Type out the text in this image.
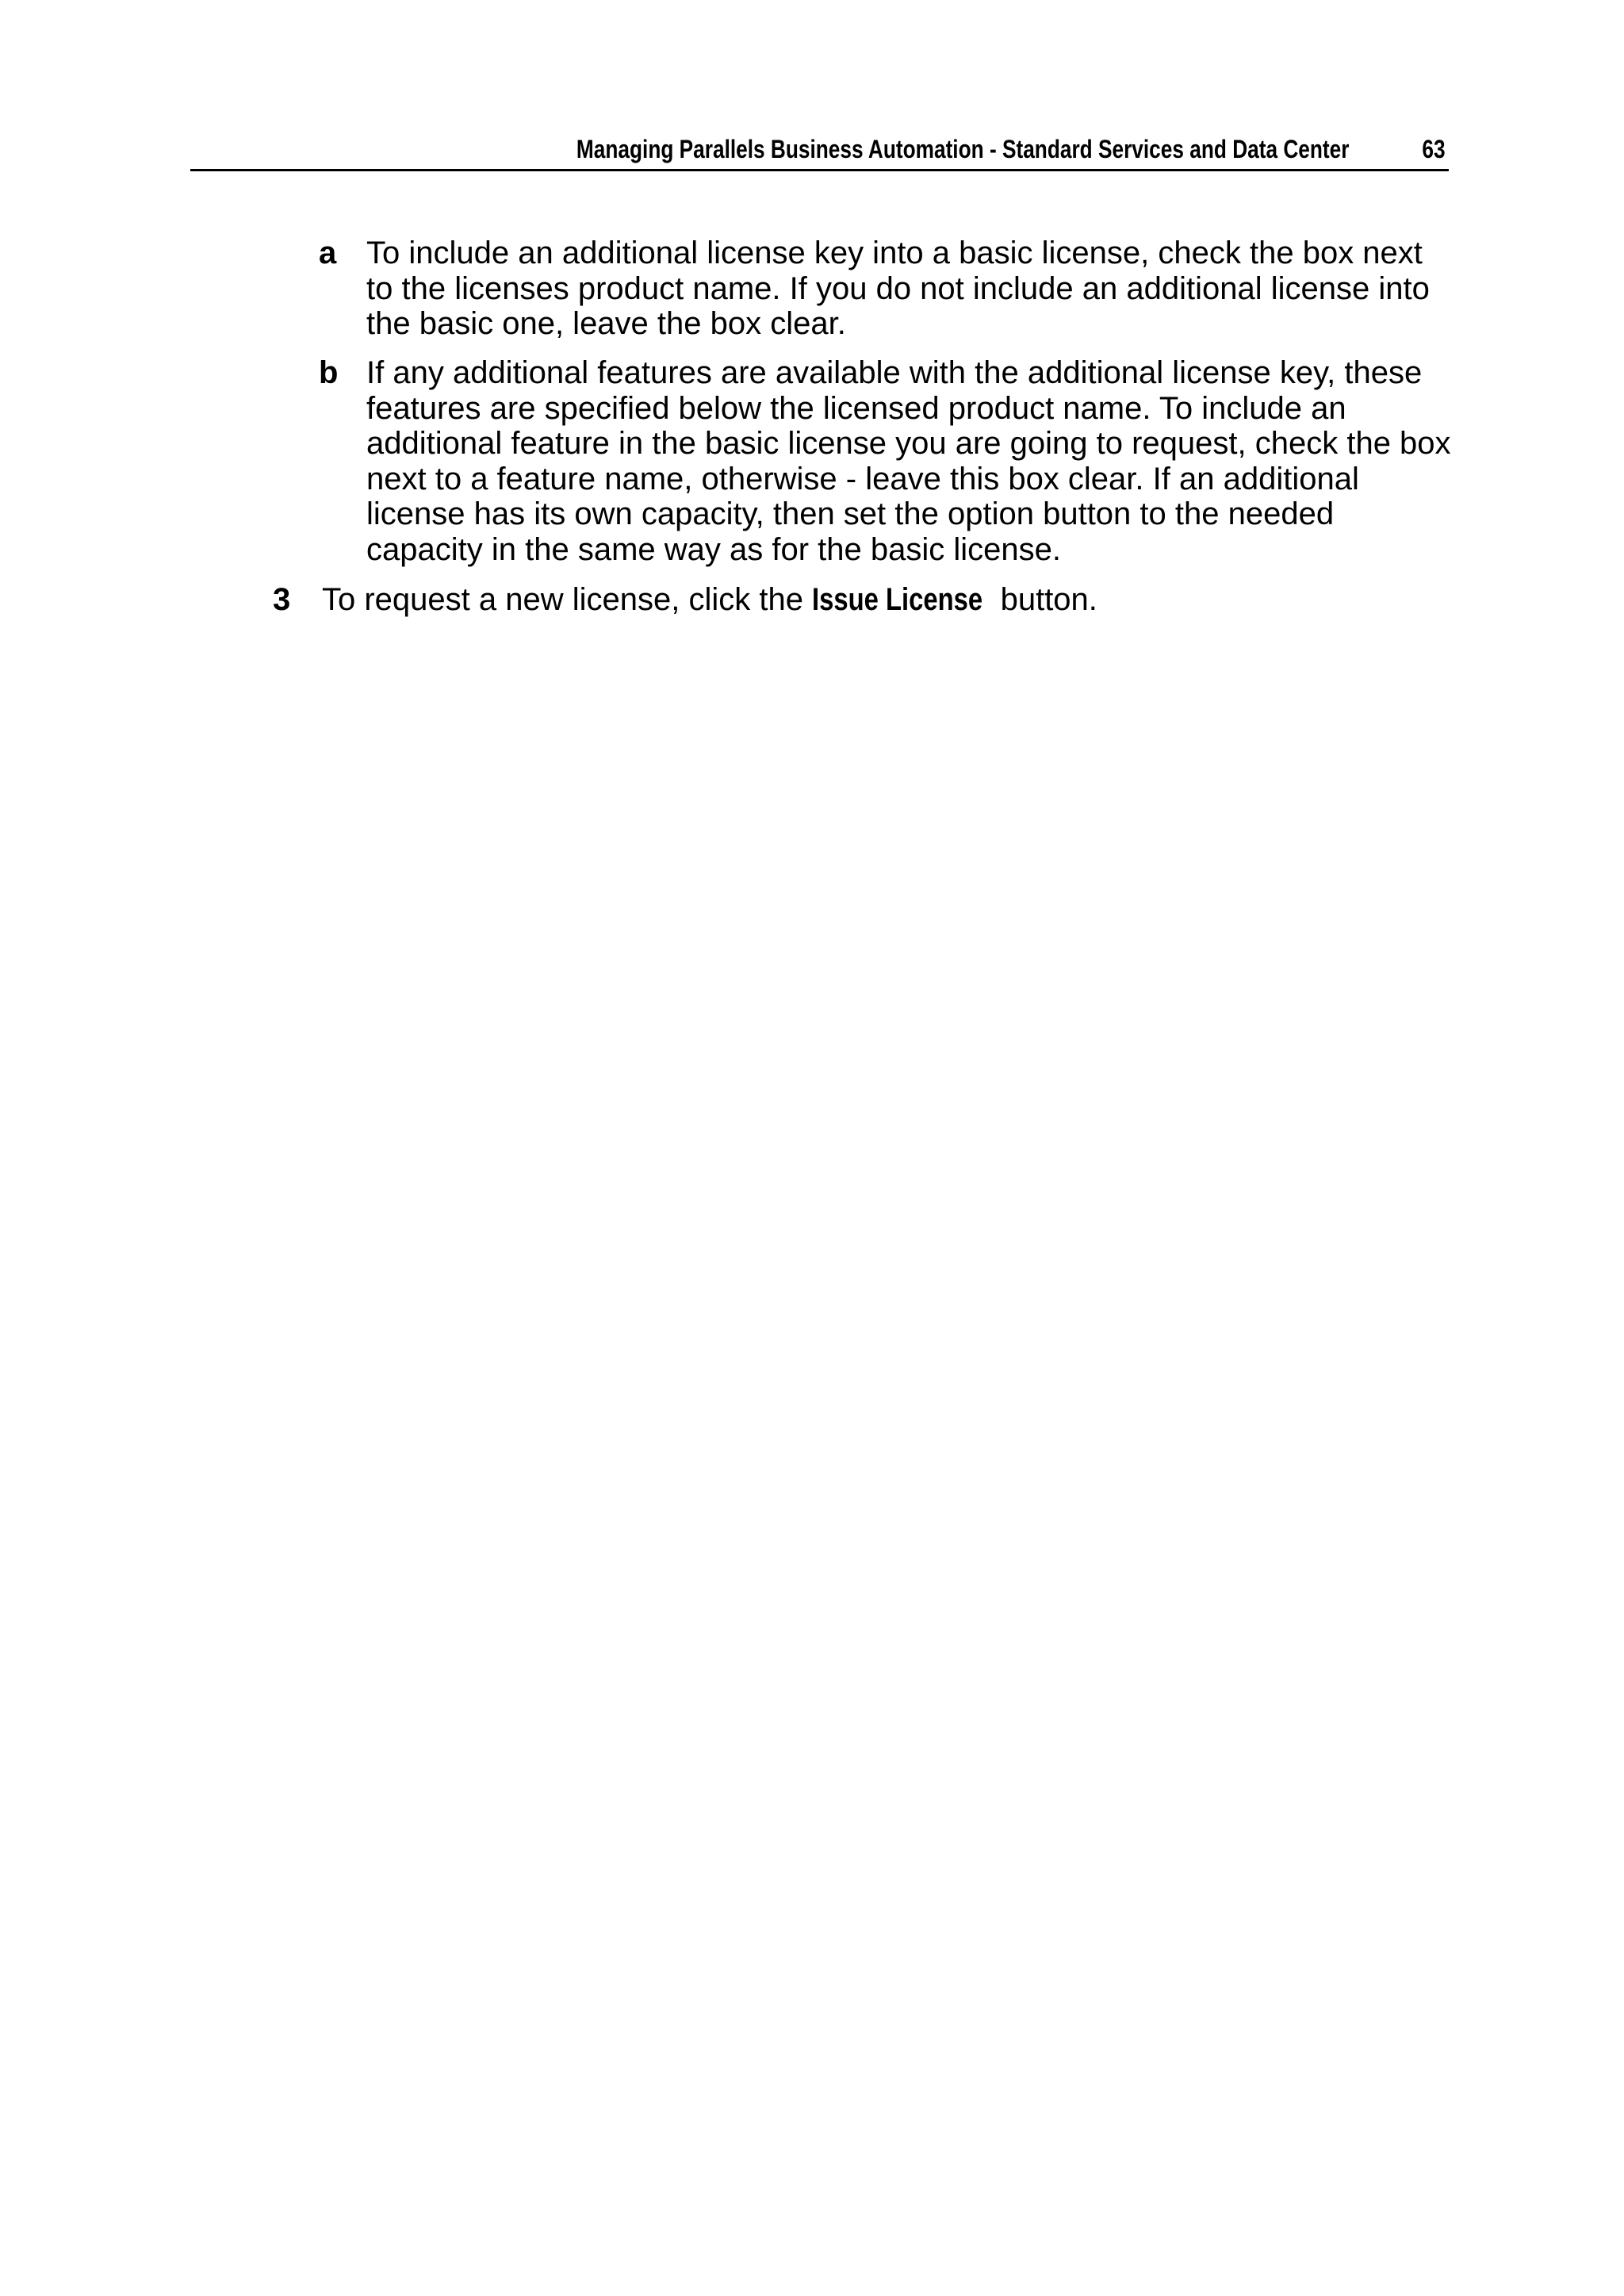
Managing Parallels Business Automation - Standard Services and Data Center	63
a To include an additional license key into a basic license, check the box next to the licenses product name. If you do not include an additional license into the basic one, leave the box clear.
b If any additional features are available with the additional license key, these features are specified below the licensed product name. To include an additional feature in the basic license you are going to request, check the box next to a feature name, otherwise - leave this box clear. If an additional license has its own capacity, then set the option button to the needed capacity in the same way as for the basic license.
3 To request a new license, click the Issue License button.
